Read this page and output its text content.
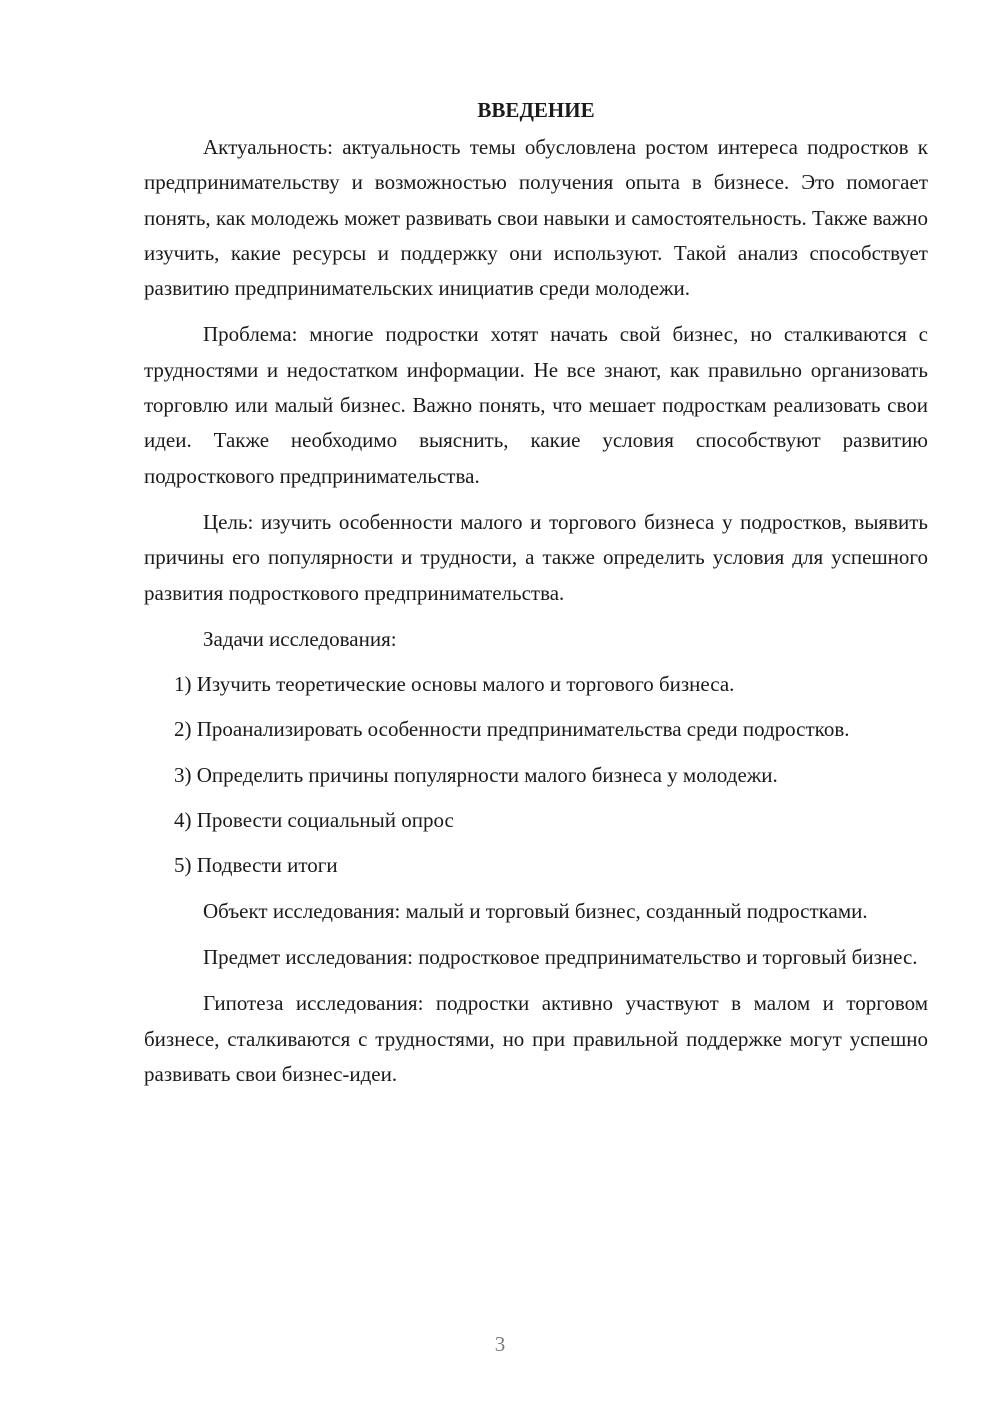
ВВЕДЕНИЕ

Актуальность: актуальность темы обусловлена ростом интереса подростков к предпринимательству и возможностью получения опыта в бизнесе. Это помогает понять, как молодежь может развивать свои навыки и самостоятельность. Также важно изучить, какие ресурсы и поддержку они используют. Такой анализ способствует развитию предпринимательских инициатив среди молодежи.

Проблема: многие подростки хотят начать свой бизнес, но сталкиваются с трудностями и недостатком информации. Не все знают, как правильно организовать торговлю или малый бизнес. Важно понять, что мешает подросткам реализовать свои идеи. Также необходимо выяснить, какие условия способствуют развитию подросткового предпринимательства.

Цель: изучить особенности малого и торгового бизнеса у подростков, выявить причины его популярности и трудности, а также определить условия для успешного развития подросткового предпринимательства.

Задачи исследования:

1) Изучить теоретические основы малого и торгового бизнеса.

2) Проанализировать особенности предпринимательства среди подростков.

3) Определить причины популярности малого бизнеса у молодежи.

4) Провести социальный опрос

5) Подвести итоги

Объект исследования: малый и торговый бизнес, созданный подростками.

Предмет исследования: подростковое предпринимательство и торговый бизнес.

Гипотеза исследования: подростки активно участвуют в малом и торговом бизнесе, сталкиваются с трудностями, но при правильной поддержке могут успешно развивать свои бизнес-идеи.

3
